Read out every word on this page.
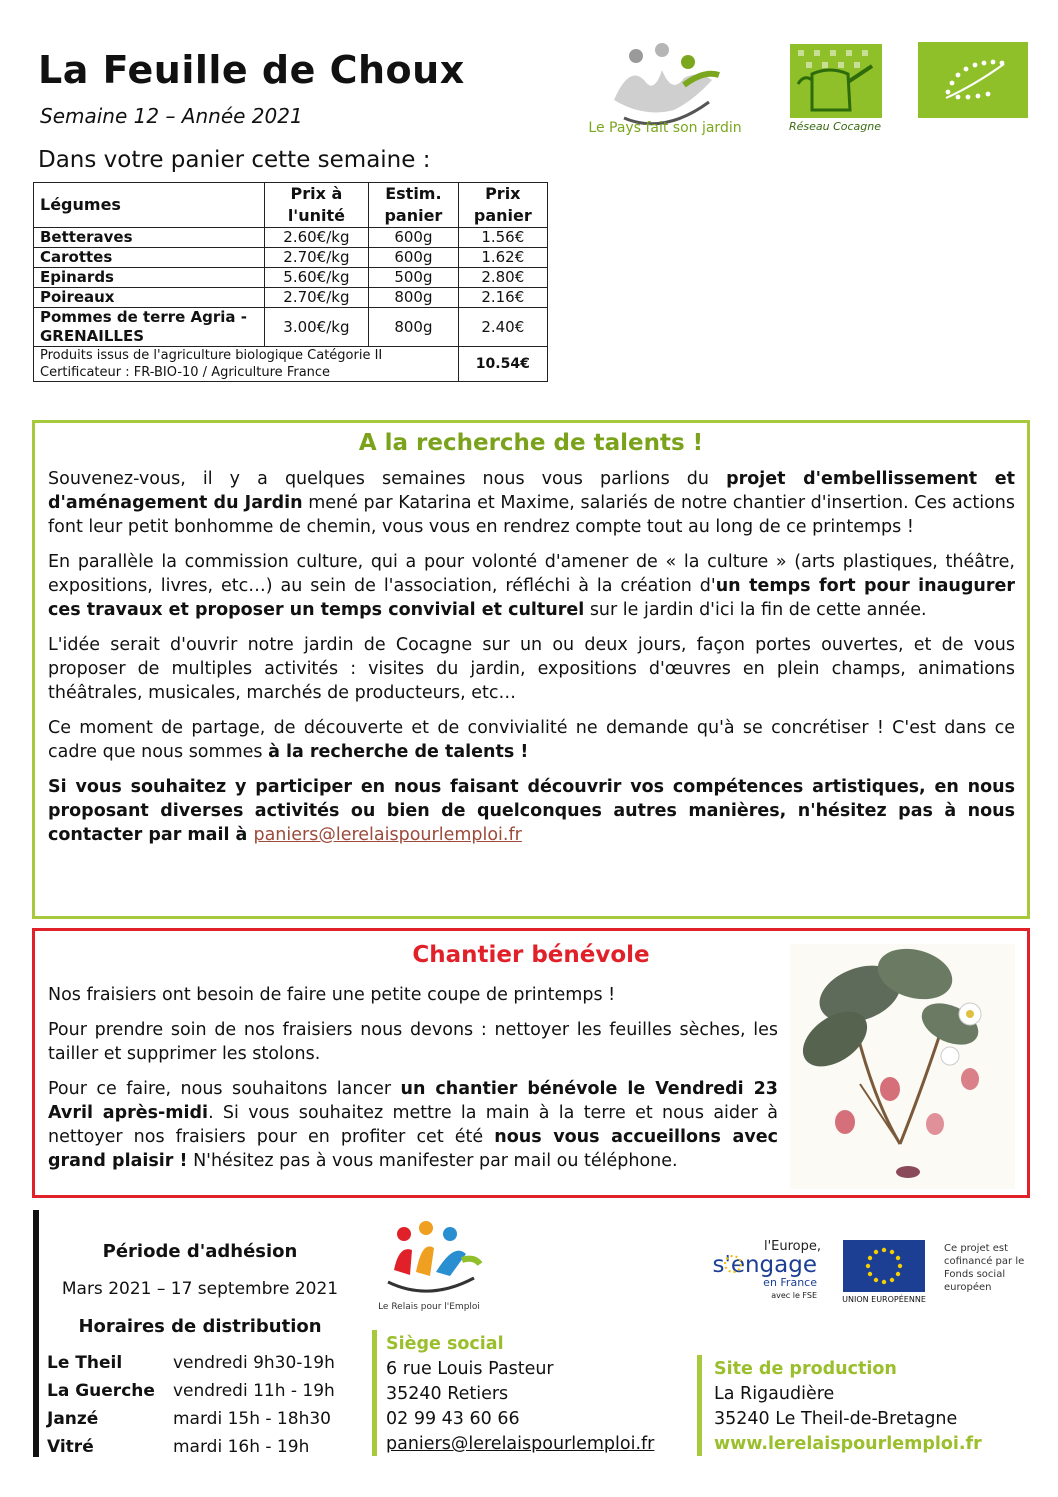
La Feuille de Choux
Semaine 12 – Année 2021
Dans votre panier cette semaine :
Le Pays fait son jardin	Réseau Cocagne
Légumes	Prix à l'unité	Estim. panier	Prix panier
Betteraves	2.60€/kg	600g	1.56€
Carottes	2.70€/kg	600g	1.62€
Epinards	5.60€/kg	500g	2.80€
Poireaux	2.70€/kg	800g	2.16€
Pommes de terre Agria - GRENAILLES	3.00€/kg	800g	2.40€
Produits issus de l'agriculture biologique Catégorie II
Certificateur : FR-BIO-10 / Agriculture France			10.54€
A la recherche de talents !

Souvenez-vous, il y a quelques semaines nous vous parlions du projet d'embellissement et d'aménagement du Jardin mené par Katarina et Maxime, salariés de notre chantier d'insertion. Ces actions font leur petit bonhomme de chemin, vous vous en rendrez compte tout au long de ce printemps !

En parallèle la commission culture, qui a pour volonté d'amener de « la culture » (arts plastiques, théâtre, expositions, livres, etc…) au sein de l'association, réfléchi à la création d'un temps fort pour inaugurer ces travaux et proposer un temps convivial et culturel sur le jardin d'ici la fin de cette année.

L'idée serait d'ouvrir notre jardin de Cocagne sur un ou deux jours, façon portes ouvertes, et de vous proposer de multiples activités : visites du jardin, expositions d'œuvres en plein champs, animations théâtrales, musicales, marchés de producteurs, etc…

Ce moment de partage, de découverte et de convivialité ne demande qu'à se concrétiser ! C'est dans ce cadre que nous sommes à la recherche de talents !

Si vous souhaitez y participer en nous faisant découvrir vos compétences artistiques, en nous proposant diverses activités ou bien de quelconques autres manières, n'hésitez pas à nous contacter par mail à paniers@lerelaispourlemploi.fr

Chantier bénévole

Nos fraisiers ont besoin de faire une petite coupe de printemps !

Pour prendre soin de nos fraisiers nous devons : nettoyer les feuilles sèches, les tailler et supprimer les stolons.

Pour ce faire, nous souhaitons lancer un chantier bénévole le Vendredi 23 Avril après-midi. Si vous souhaitez mettre la main à la terre et nous aider à nettoyer nos fraisiers pour en profiter cet été nous vous accueillons avec grand plaisir ! N'hésitez pas à vous manifester par mail ou téléphone.

Période d'adhésion
Mars 2021 – 17 septembre 2021
Horaires de distribution
Le Theil	vendredi 9h30-19h
La Guerche vendredi 11h - 19h
Janzé	mardi 15h - 18h30
Vitré	mardi 16h - 19h
Le Relais pour l'Emploi
Siège social
6 rue Louis Pasteur
35240 Retiers
02 99 43 60 66
paniers@lerelaispourlemploi.fr
Site de production
La Rigaudière
35240 Le Theil-de-Bretagne
www.lerelaispourlemploi.fr
l'Europe,
s'engage
en France
avec le FSE	UNION EUROPÉENNE
Ce projet est cofinancé par le Fonds social européen
